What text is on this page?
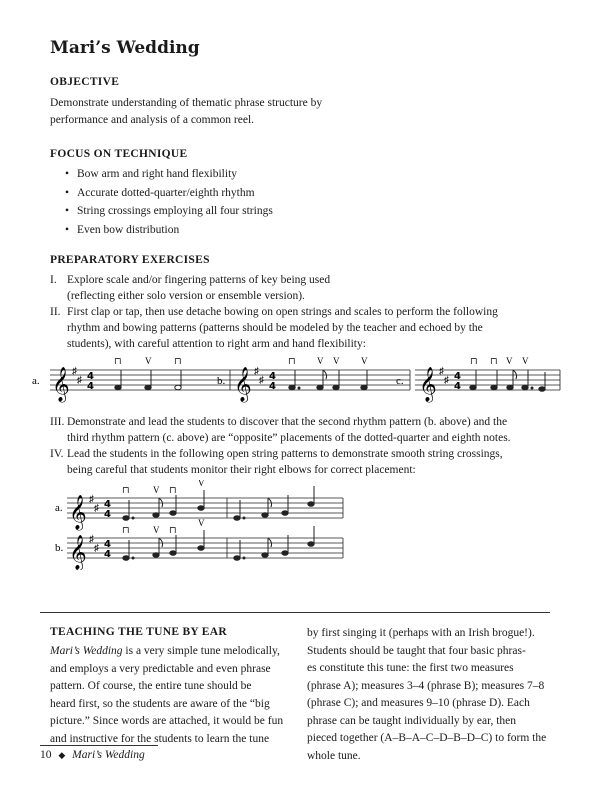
Mari’s Wedding
OBJECTIVE
Demonstrate understanding of thematic phrase structure by
performance and analysis of a common reel.
FOCUS ON TECHNIQUE
• Bow arm and right hand flexibility
• Accurate dotted-quarter/eighth rhythm
• String crossings employing all four strings
• Even bow distribution
PREPARATORY EXERCISES
I. Explore scale and/or fingering patterns of key being used
(reflecting either solo version or ensemble version).
II. First clap or tap, then use detache bowing on open strings and scales to perform the following
rhythm and bowing patterns (patterns should be modeled by the teacher and echoed by the
students), with careful attention to right arm and hand flexibility:
a.	b.	c.
𝄞	𝄞	𝄞
♯
♯
♯
♯
♯
♯
4
4
4
4
4
4
⊓	V	⊓	⊓ V V V	⊓ ⊓ V V
III. Demonstrate and lead the students to discover that the second rhythm pattern (b. above) and the
third rhythm pattern (c. above) are “opposite” placements of the dotted-quarter and eighth notes.
IV. Lead the students in the following open string patterns to demonstrate smooth string crossings,
being careful that students monitor their right elbows for correct placement:
a.
b.
𝄞
𝄞
♯
♯
♯
♯
4
4
4
4
⊓	V ⊓
V
⊓	V ⊓
V
TEACHING THE TUNE BY EAR
Mari’s Wedding is a very simple tune melodically,
and employs a very predictable and even phrase
pattern. Of course, the entire tune should be
heard first, so the students are aware of the “big
picture.” Since words are attached, it would be fun
and instructive for the students to learn the tune
by first singing it (perhaps with an Irish brogue!).
Students should be taught that four basic phras-
es constitute this tune: the first two measures
(phrase A); measures 3–4 (phrase B); measures 7–8
(phrase C); and measures 9–10 (phrase D). Each
phrase can be taught individually by ear, then
pieced together (A–B–A–C–D–B–D–C) to form the
whole tune.
10 ◆ Mari’s Wedding
